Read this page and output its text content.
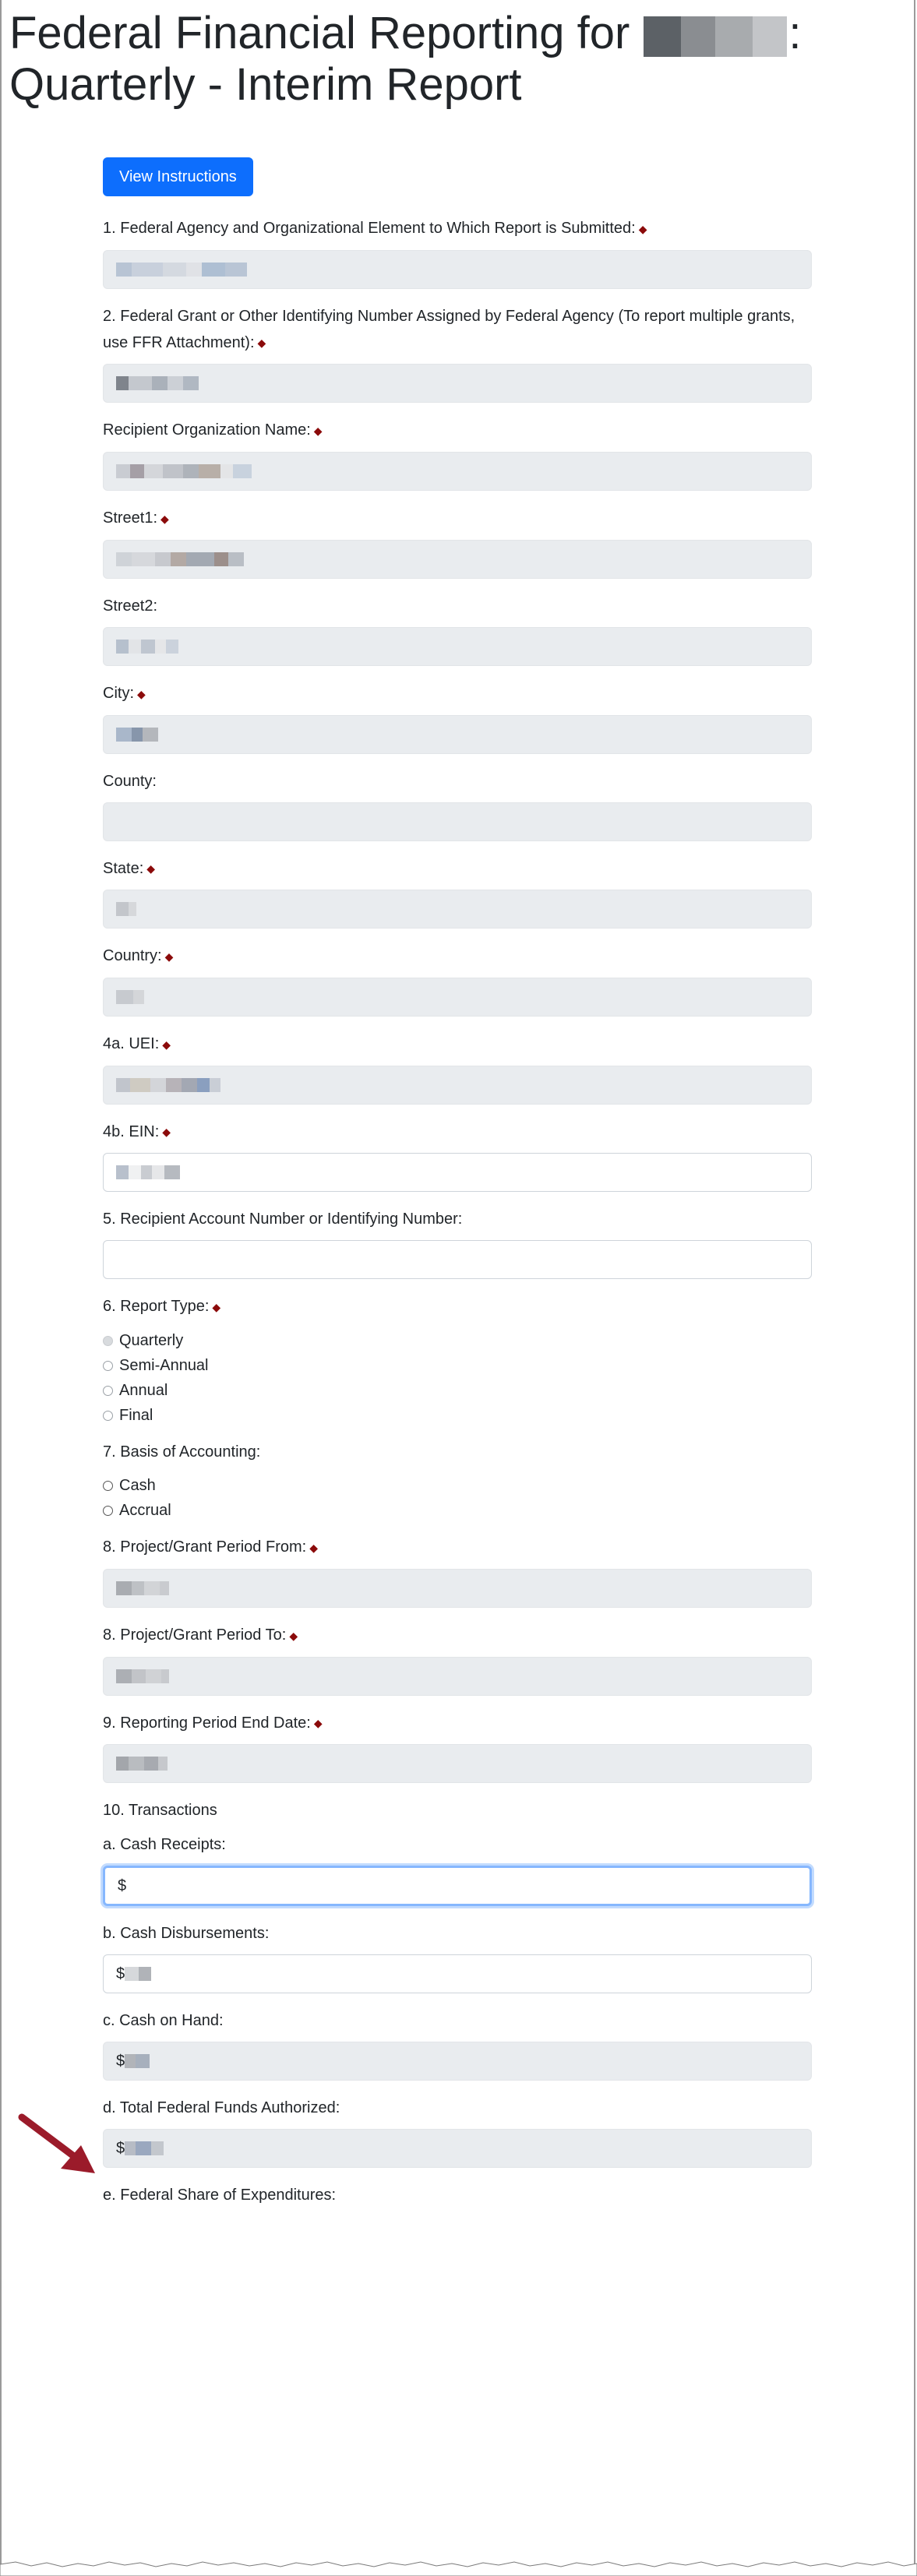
Federal Financial Reporting for	:
Quarterly - Interim Report
View Instructions
1. Federal Agency and Organizational Element to Which Report is Submitted: ◆
2. Federal Grant or Other Identifying Number Assigned by Federal Agency (To report multiple grants, use FFR Attachment): ◆
Recipient Organization Name: ◆
Street1: ◆
Street2:
City: ◆
County:
State: ◆
Country: ◆
4a. UEI: ◆
4b. EIN: ◆
5. Recipient Account Number or Identifying Number:
6. Report Type: ◆
Quarterly
Semi-Annual
Annual
Final
7. Basis of Accounting:
Cash
Accrual
8. Project/Grant Period From: ◆
8. Project/Grant Period To: ◆
9. Reporting Period End Date: ◆
10. Transactions
a. Cash Receipts:
$
b. Cash Disbursements:
$
c. Cash on Hand:
$
d. Total Federal Funds Authorized:
$
e. Federal Share of Expenditures:
